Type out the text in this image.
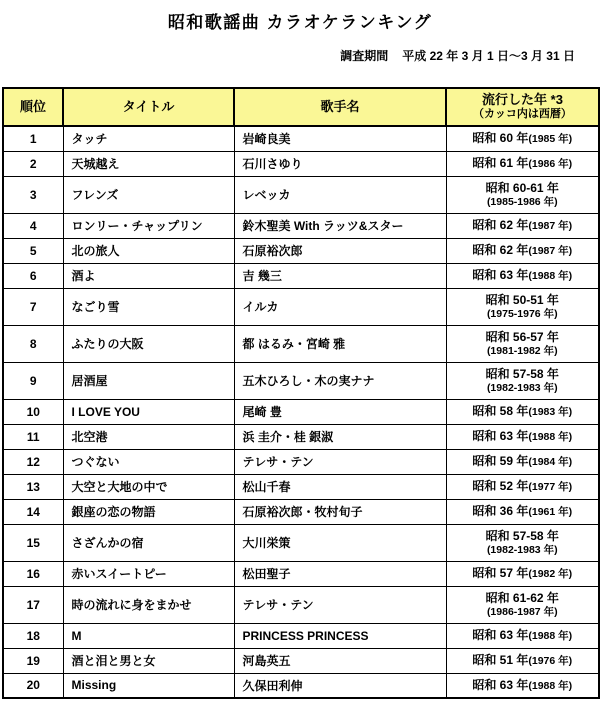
昭和歌謡曲 カラオケランキング
調査期間 平成 22 年 3 月 1 日～3 月 31 日
順位	タイトル	歌手名	流行した年 *3
（カッコ内は西暦）

1	タッチ	岩崎良美	昭和 60 年(1985 年)
2	天城越え	石川さゆり	昭和 61 年(1986 年)
3	フレンズ	レベッカ	昭和 60-61 年
(1985-1986 年)

4	ロンリー・チャップリン	鈴木聖美 With ラッツ&スター	昭和 62 年(1987 年)
5	北の旅人	石原裕次郎	昭和 62 年(1987 年)
6	酒よ	吉 幾三	昭和 63 年(1988 年)
7	なごり雪	イルカ	昭和 50-51 年
(1975-1976 年)

8	ふたりの大阪	都 はるみ・宮崎 雅	昭和 56-57 年
(1981-1982 年)

9	居酒屋	五木ひろし・木の実ナナ	昭和 57-58 年
(1982-1983 年)

10	I LOVE YOU	尾崎 豊	昭和 58 年(1983 年)
11	北空港	浜 圭介・桂 銀淑	昭和 63 年(1988 年)
12	つぐない	テレサ・テン	昭和 59 年(1984 年)
13	大空と大地の中で	松山千春	昭和 52 年(1977 年)
14	銀座の恋の物語	石原裕次郎・牧村旬子	昭和 36 年(1961 年)
15	さざんかの宿	大川栄策	昭和 57-58 年
(1982-1983 年)

16	赤いスイートピー	松田聖子	昭和 57 年(1982 年)
17	時の流れに身をまかせ	テレサ・テン	昭和 61-62 年
(1986-1987 年)

18	M	PRINCESS PRINCESS	昭和 63 年(1988 年)
19	酒と泪と男と女	河島英五	昭和 51 年(1976 年)
20	Missing	久保田利伸	昭和 63 年(1988 年)
